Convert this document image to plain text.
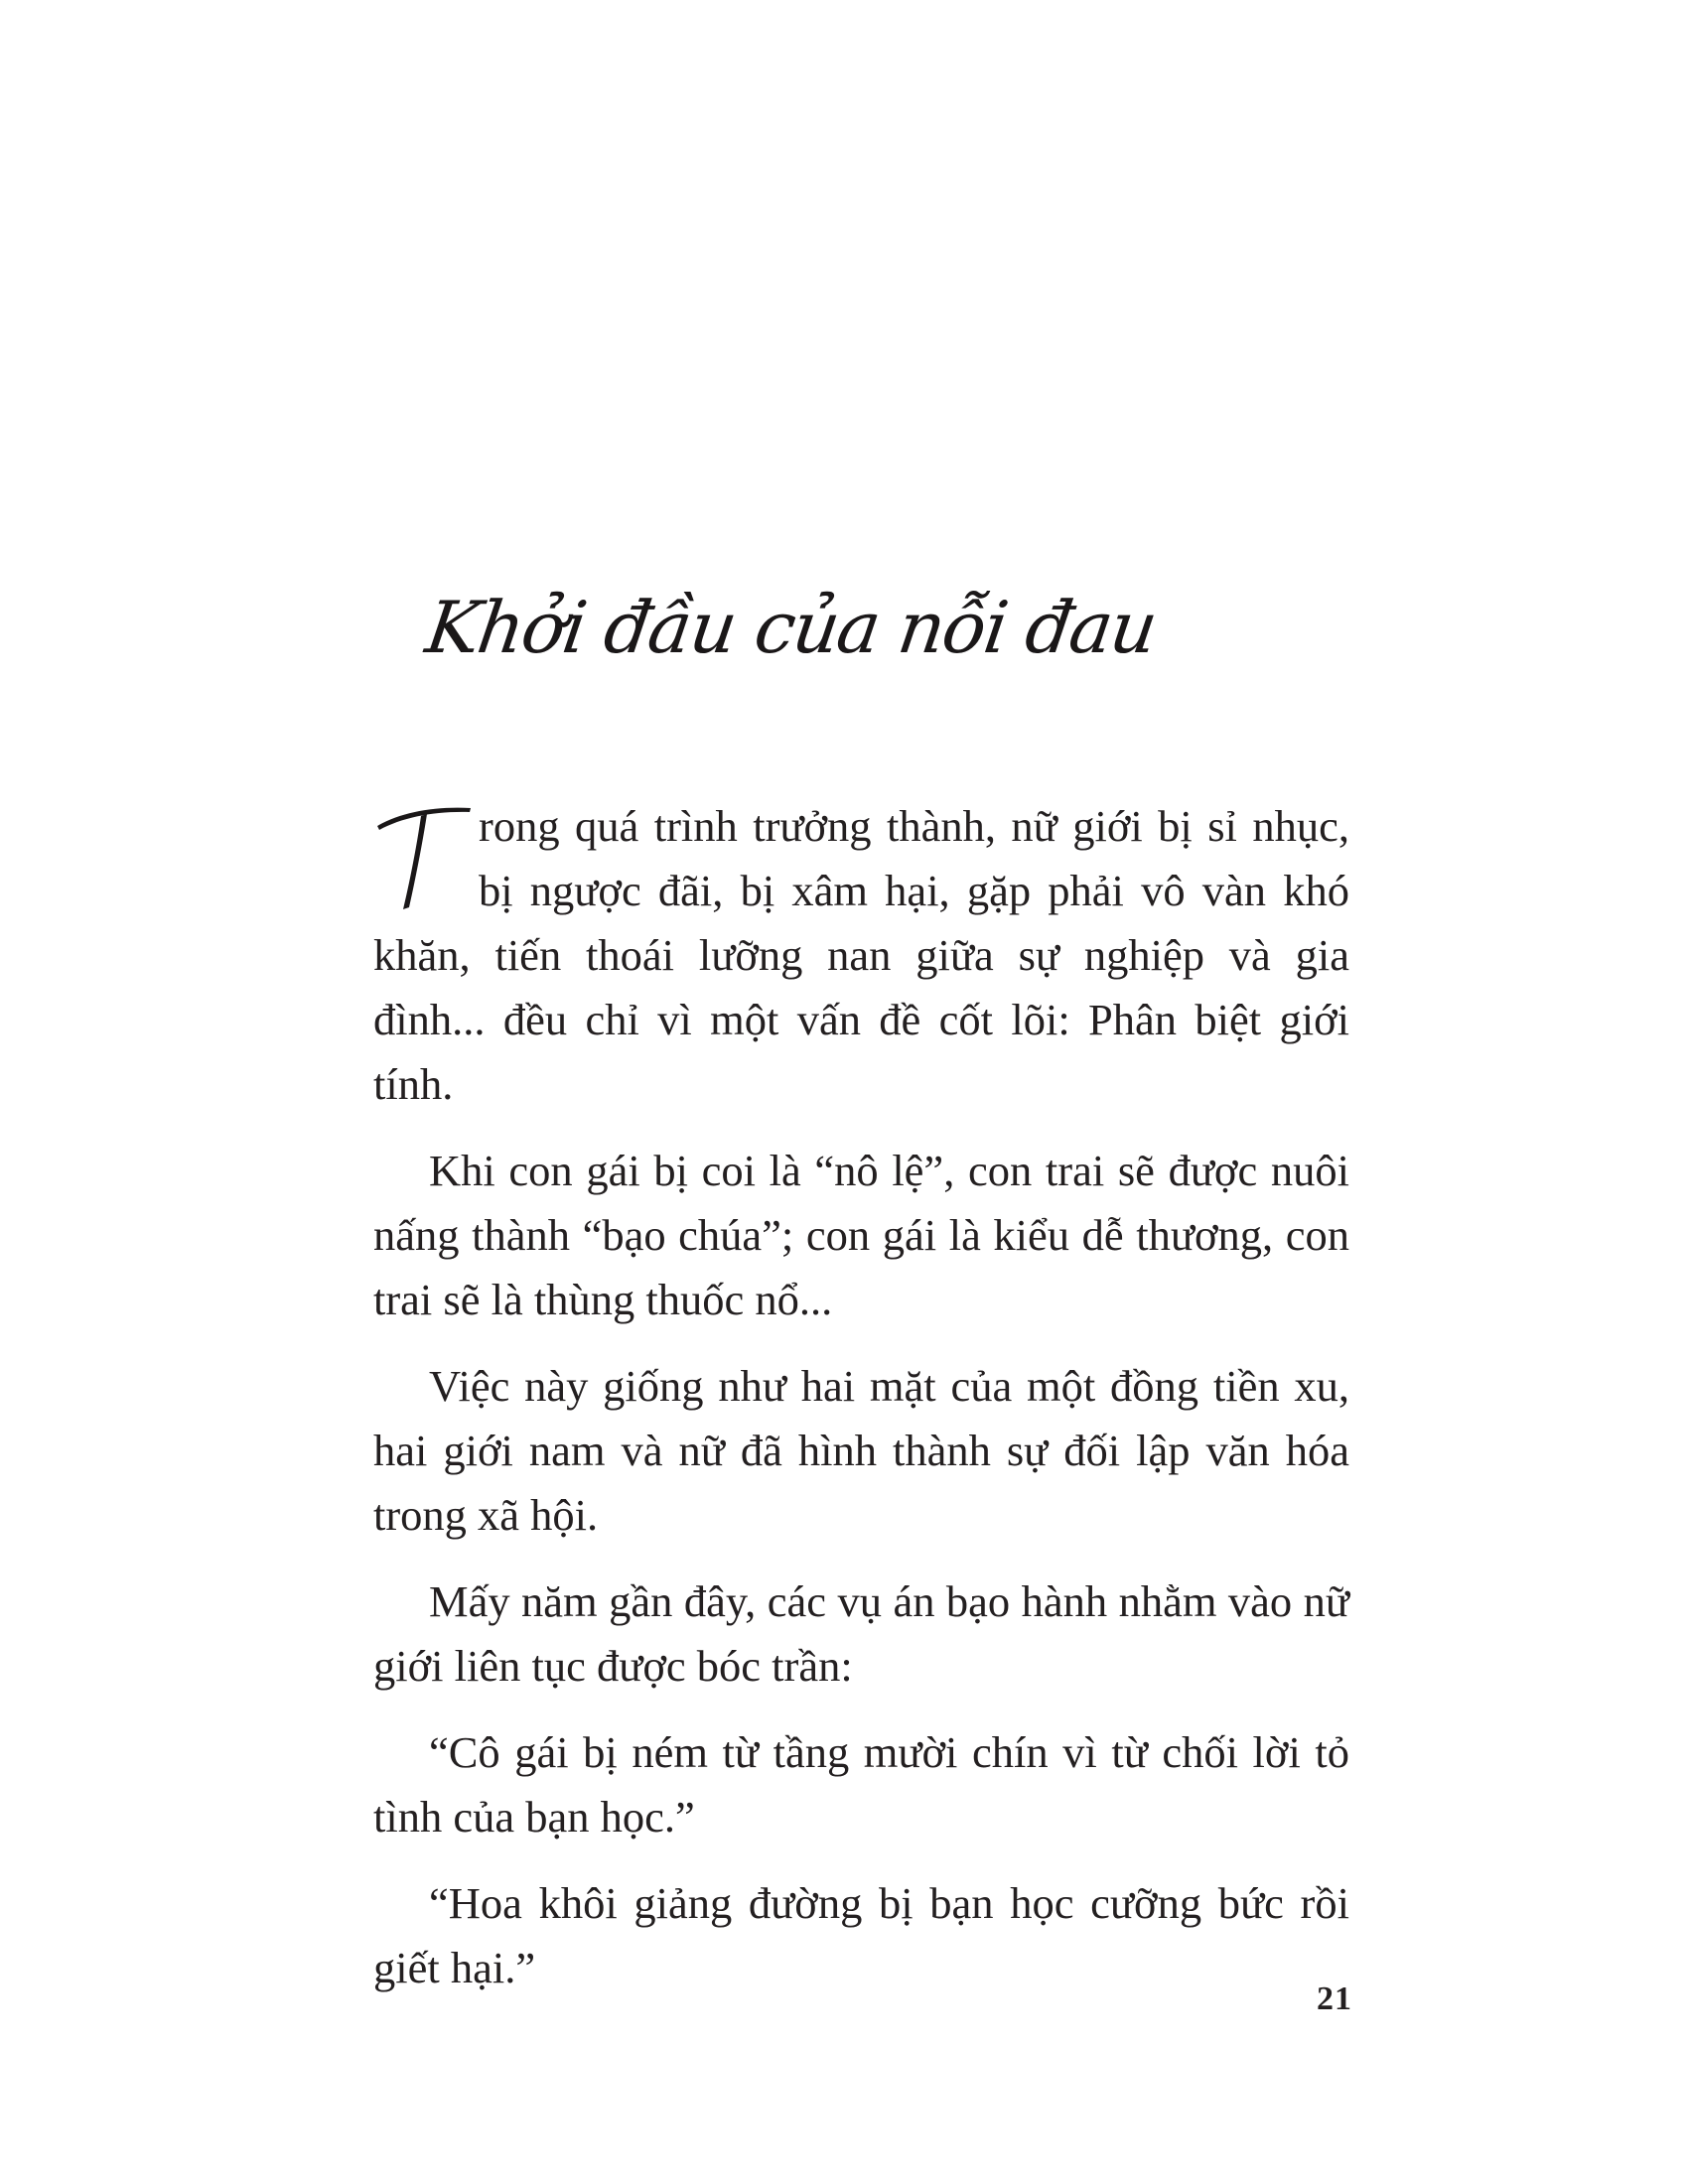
Khởi đầu của nỗi đau

rong quá trình trưởng thành, nữ giới bị sỉ nhục, bị ngược đãi, bị xâm hại, gặp phải vô vàn khó khăn, tiến thoái lưỡng nan giữa sự nghiệp và gia đình... đều chỉ vì một vấn đề cốt lõi: Phân biệt giới tính.

Khi con gái bị coi là “nô lệ”, con trai sẽ được nuôi nấng thành “bạo chúa”; con gái là kiểu dễ thương, con trai sẽ là thùng thuốc nổ...

Việc này giống như hai mặt của một đồng tiền xu, hai giới nam và nữ đã hình thành sự đối lập văn hóa trong xã hội.

Mấy năm gần đây, các vụ án bạo hành nhằm vào nữ giới liên tục được bóc trần:

“Cô gái bị ném từ tầng mười chín vì từ chối lời tỏ tình của bạn học.”

“Hoa khôi giảng đường bị bạn học cưỡng bức rồi giết hại.”

21
